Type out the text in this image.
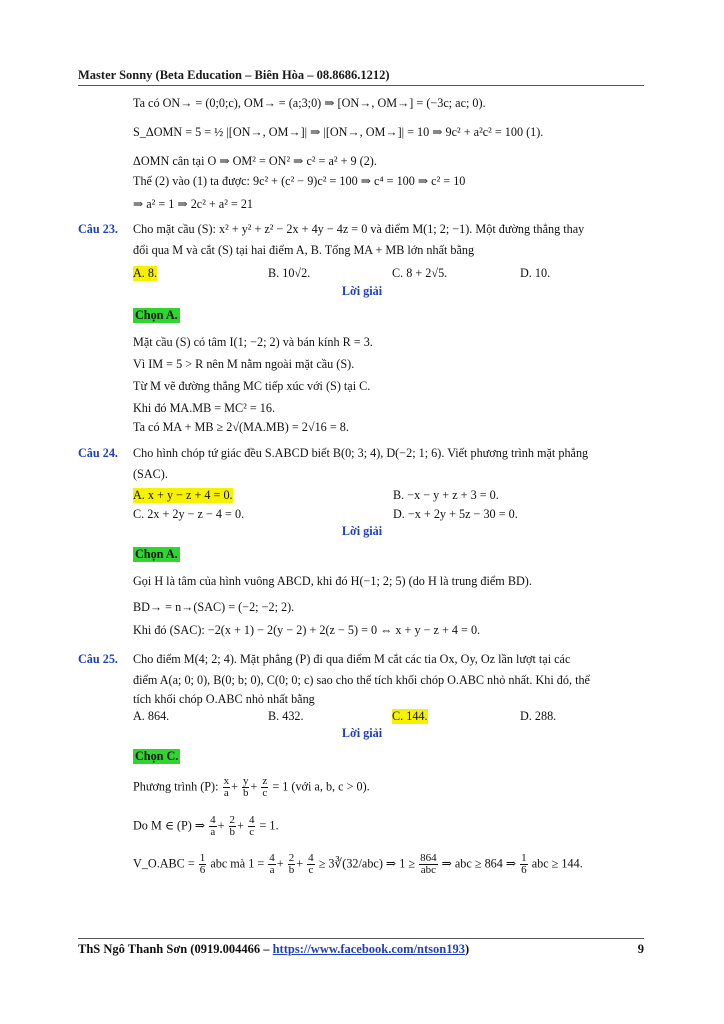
Master Sonny (Beta Education – Biên Hòa – 08.8686.1212)
Ta có ON→ = (0;0;c), OM→ = (a;3;0) ⇒ [ON→, OM→] = (−3c; ac; 0).
S_ΔOMN = 5 = ½ |[ON→, OM→]| ⇒ |[ON→, OM→]| = 10 ⇒ 9c² + a²c² = 100 (1).
ΔOMN cân tại O ⇒ OM² = ON² ⇒ c² = a² + 9 (2).
Thế (2) vào (1) ta được: 9c² + (c² − 9)c² = 100 ⇒ c⁴ = 100 ⇒ c² = 10
⇒ a² = 1 ⇒ 2c² + a² = 21
Câu 23. Cho mặt cầu (S): x² + y² + z² − 2x + 4y − 4z = 0 và điểm M(1; 2; −1). Một đường thẳng thay
đổi qua M và cắt (S) tại hai điểm A, B. Tổng MA + MB lớn nhất bằng
A. 8.	B. 10√2.	C. 8 + 2√5.	D. 10.
Lời giải
Chọn A.
Mặt cầu (S) có tâm I(1; −2; 2) và bán kính R = 3.
Vì IM = 5 > R nên M nằm ngoài mặt cầu (S).
Từ M vẽ đường thẳng MC tiếp xúc với (S) tại C.
Khi đó MA.MB = MC² = 16.
Ta có MA + MB ≥ 2√(MA.MB) = 2√16 = 8.
Câu 24. Cho hình chóp tứ giác đều S.ABCD biết B(0; 3; 4), D(−2; 1; 6). Viết phương trình mặt phẳng
(SAC).
A. x + y − z + 4 = 0.	B. −x − y + z + 3 = 0.
C. 2x + 2y − z − 4 = 0.	D. −x + 2y + 5z − 30 = 0.
Lời giải
Chọn A.
Gọi H là tâm của hình vuông ABCD, khi đó H(−1; 2; 5) (do H là trung điểm BD).
BD→ = n→(SAC) = (−2; −2; 2).
Khi đó (SAC): −2(x + 1) − 2(y − 2) + 2(z − 5) = 0 ⇔ x + y − z + 4 = 0.
Câu 25. Cho điểm M(4; 2; 4). Mặt phẳng (P) đi qua điểm M cắt các tia Ox, Oy, Oz lần lượt tại các
điểm A(a; 0; 0), B(0; b; 0), C(0; 0; c) sao cho thể tích khối chóp O.ABC nhỏ nhất. Khi đó, thể
tích khối chóp O.ABC nhỏ nhất bằng
A. 864.	B. 432.	C. 144.	D. 288.
Lời giải
Chọn C.
Phương trình (P): $\frac{x}{a} + \frac{y}{b} + \frac{z}{c} = 1$ (với a, b, c > 0).
Do M ∈ (P) ⇒ $\frac{4}{a} + \frac{2}{b} + \frac{4}{c} = 1$.
V_O.ABC = $\frac{1}{6}$ abc mà $1 = \frac{4}{a} + \frac{2}{b} + \frac{4}{c}$ ≥ 3∛(32/abc) ⇒ $1 \ge \frac{864}{\text{abc}}$ ⇒ abc ≥ 864 ⇒ $\frac{1}{6}$ abc ≥ 144.
ThS Ngô Thanh Sơn (0919.004466 – https://www.facebook.com/ntson193)	9
